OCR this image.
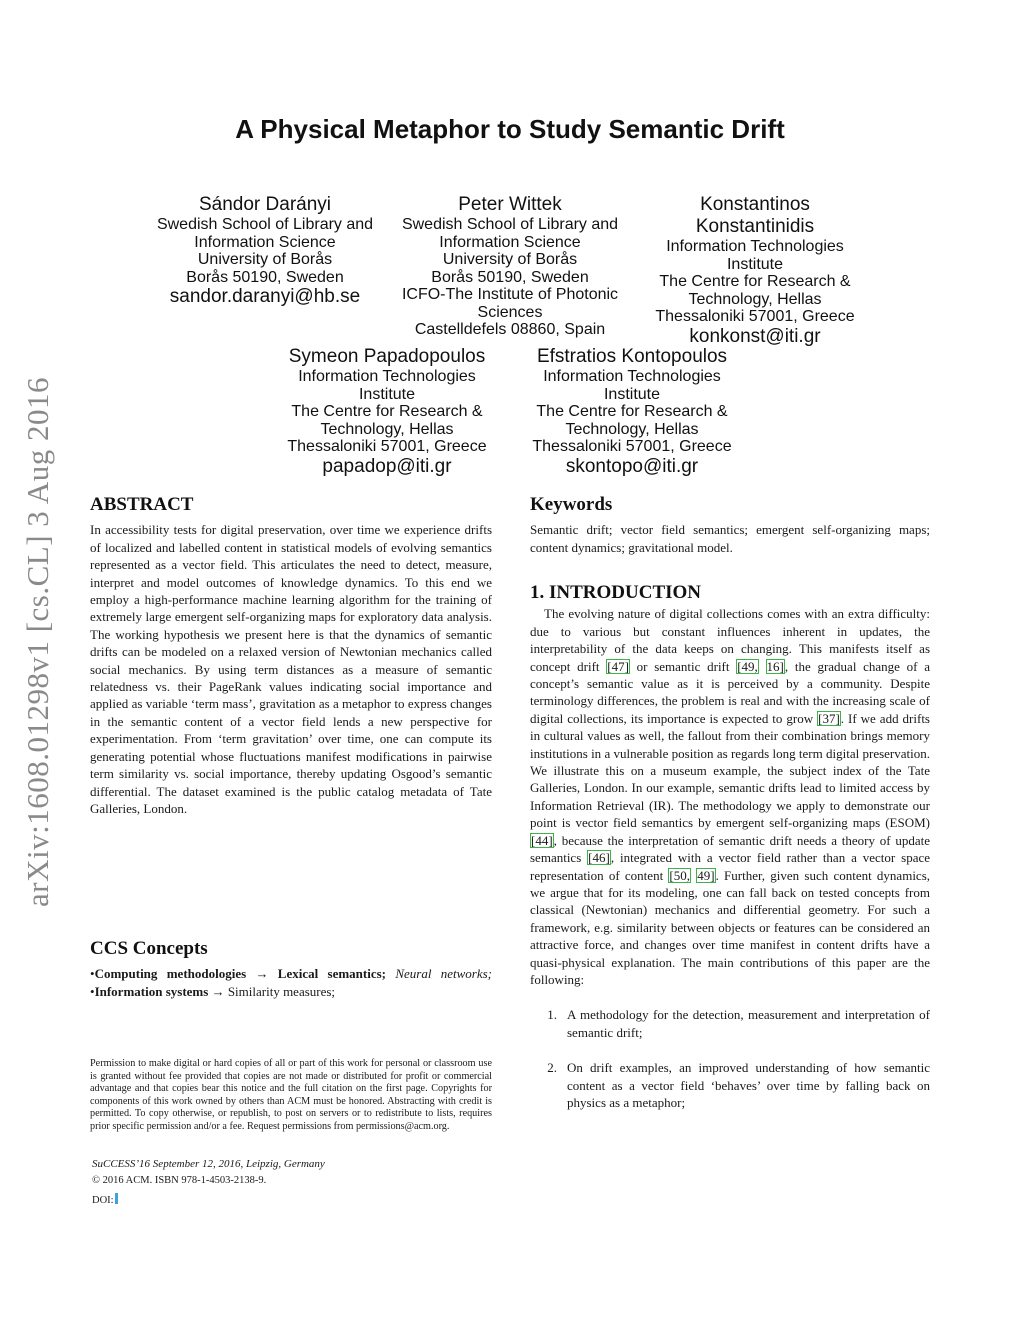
arXiv:1608.01298v1 [cs.CL] 3 Aug 2016
A Physical Metaphor to Study Semantic Drift
Sándor Darányi
Swedish School of Library and
Information Science
University of Borås
Borås 50190, Sweden
sandor.daranyi@hb.se
Peter Wittek
Swedish School of Library and
Information Science
University of Borås
Borås 50190, Sweden
ICFO-The Institute of Photonic
Sciences
Castelldefels 08860, Spain
Konstantinos Konstantinidis
Information Technologies
Institute
The Centre for Research &
Technology, Hellas
Thessaloniki 57001, Greece
konkonst@iti.gr
Symeon Papadopoulos
Information Technologies
Institute
The Centre for Research &
Technology, Hellas
Thessaloniki 57001, Greece
papadop@iti.gr
Efstratios Kontopoulos
Information Technologies
Institute
The Centre for Research &
Technology, Hellas
Thessaloniki 57001, Greece
skontopo@iti.gr
ABSTRACT

In accessibility tests for digital preservation, over time we experience drifts of localized and labelled content in statistical models of evolving semantics represented as a vector field. This articulates the need to detect, measure, interpret and model outcomes of knowledge dynamics. To this end we employ a high-performance machine learning algorithm for the training of extremely large emergent self-organizing maps for exploratory data analysis. The working hypothesis we present here is that the dynamics of semantic drifts can be modeled on a relaxed version of Newtonian mechanics called social mechanics. By using term distances as a measure of semantic relatedness vs. their PageRank values indicating social importance and applied as variable ‘term mass’, gravitation as a metaphor to express changes in the semantic content of a vector field lends a new perspective for experimentation. From ‘term gravitation’ over time, one can compute its generating potential whose fluctuations manifest modifications in pairwise term similarity vs. social importance, thereby updating Osgood’s semantic differential. The dataset examined is the public catalog metadata of Tate Galleries, London.

CCS Concepts

•Computing methodologies → Lexical semantics; Neural networks; •Information systems → Similarity measures;

Permission to make digital or hard copies of all or part of this work for personal or classroom use is granted without fee provided that copies are not made or distributed for profit or commercial advantage and that copies bear this notice and the full citation on the first page. Copyrights for components of this work owned by others than ACM must be honored. Abstracting with credit is permitted. To copy otherwise, or republish, to post on servers or to redistribute to lists, requires prior specific permission and/or a fee. Request permissions from permissions@acm.org.

SuCCESS’16 September 12, 2016, Leipzig, Germany
© 2016 ACM. ISBN 978-1-4503-2138-9.
DOI:
Keywords

Semantic drift; vector field semantics; emergent self-organizing maps; content dynamics; gravitational model.

1. INTRODUCTION

The evolving nature of digital collections comes with an extra difficulty: due to various but constant influences inherent in updates, the interpretability of the data keeps on changing. This manifests itself as concept drift [47] or semantic drift [49, 16], the gradual change of a concept’s semantic value as it is perceived by a community. Despite terminology differences, the problem is real and with the increasing scale of digital collections, its importance is expected to grow [37]. If we add drifts in cultural values as well, the fallout from their combination brings memory institutions in a vulnerable position as regards long term digital preservation. We illustrate this on a museum example, the subject index of the Tate Galleries, London. In our example, semantic drifts lead to limited access by Information Retrieval (IR). The methodology we apply to demonstrate our point is vector field semantics by emergent self-organizing maps (ESOM) [44], because the interpretation of semantic drift needs a theory of update semantics [46], integrated with a vector field rather than a vector space representation of content [50, 49]. Further, given such content dynamics, we argue that for its modeling, one can fall back on tested concepts from classical (Newtonian) mechanics and differential geometry. For such a framework, e.g. similarity between objects or features can be considered an attractive force, and changes over time manifest in content drifts have a quasi-physical explanation. The main contributions of this paper are the following:

1. A methodology for the detection, measurement and interpretation of semantic drift;
2. On drift examples, an improved understanding of how semantic content as a vector field ‘behaves’ over time by falling back on physics as a metaphor;
